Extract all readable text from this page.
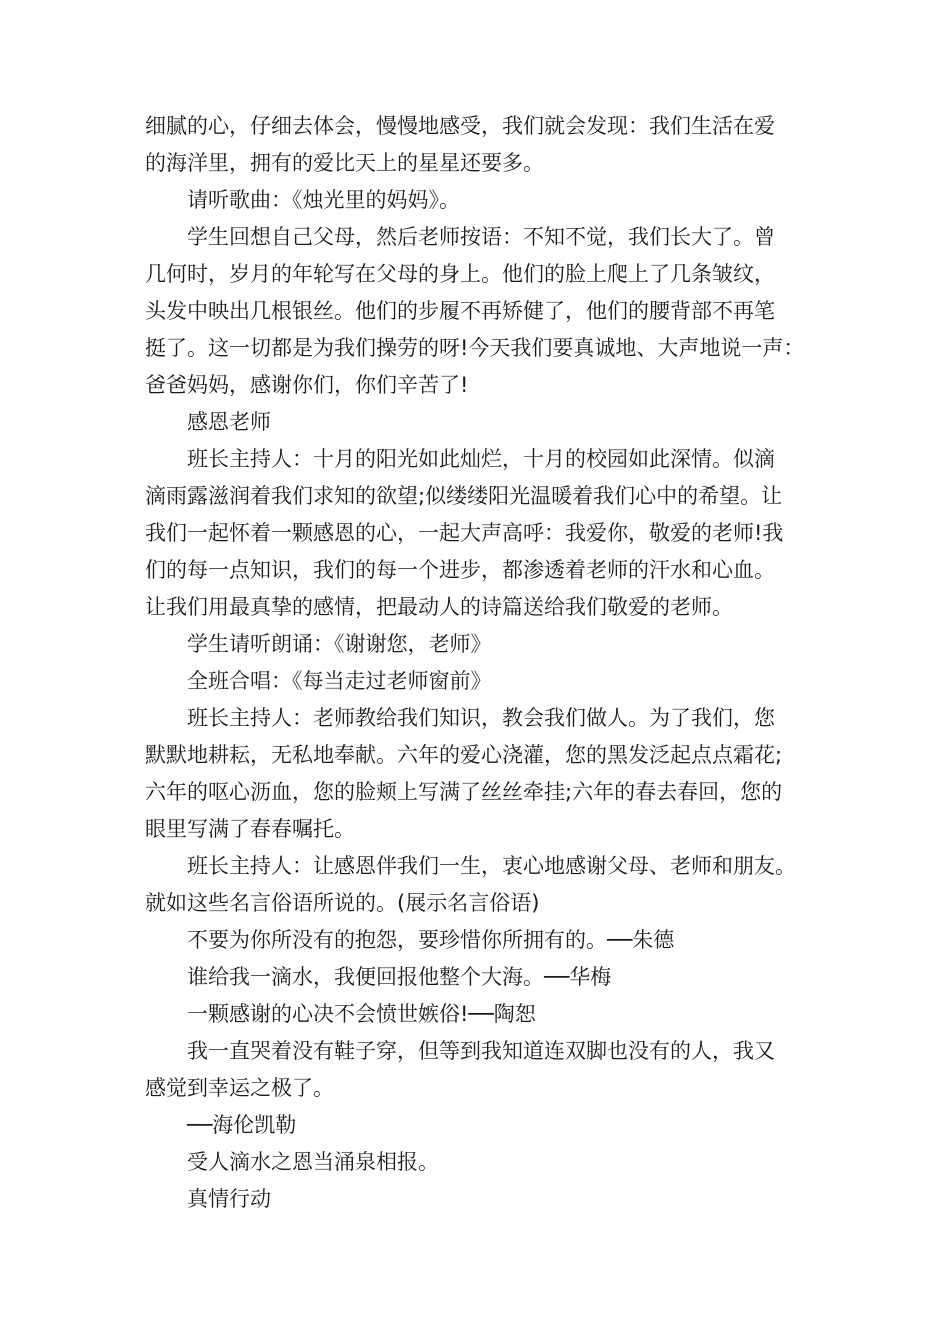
细腻的心，仔细去体会，慢慢地感受，我们就会发现：我们生活在爱
的海洋里，拥有的爱比天上的星星还要多。
请听歌曲：《烛光里的妈妈》。
学生回想自己父母，然后老师按语：不知不觉，我们长大了。曾
几何时，岁月的年轮写在父母的身上。他们的脸上爬上了几条皱纹，
头发中映出几根银丝。他们的步履不再矫健了，他们的腰背部不再笔
挺了。这一切都是为我们操劳的呀!今天我们要真诚地、大声地说一声：
爸爸妈妈，感谢你们，你们辛苦了!
感恩老师
班长主持人：十月的阳光如此灿烂，十月的校园如此深情。似滴
滴雨露滋润着我们求知的欲望;似缕缕阳光温暖着我们心中的希望。让
我们一起怀着一颗感恩的心，一起大声高呼：我爱你，敬爱的老师!我
们的每一点知识，我们的每一个进步，都渗透着老师的汗水和心血。
让我们用最真挚的感情，把最动人的诗篇送给我们敬爱的老师。
学生请听朗诵：《谢谢您，老师》
全班合唱：《每当走过老师窗前》
班长主持人：老师教给我们知识，教会我们做人。为了我们，您
默默地耕耘，无私地奉献。六年的爱心浇灌，您的黑发泛起点点霜花;
六年的呕心沥血，您的脸颊上写满了丝丝牵挂;六年的春去春回，您的
眼里写满了春春嘱托。
班长主持人：让感恩伴我们一生，衷心地感谢父母、老师和朋友。
就如这些名言俗语所说的。(展示名言俗语)
不要为你所没有的抱怨，要珍惜你所拥有的。──朱德
谁给我一滴水，我便回报他整个大海。──华梅
一颗感谢的心决不会愤世嫉俗!──陶恕
我一直哭着没有鞋子穿，但等到我知道连双脚也没有的人，我又
感觉到幸运之极了。
──海伦凯勒
受人滴水之恩当涌泉相报。
真情行动
